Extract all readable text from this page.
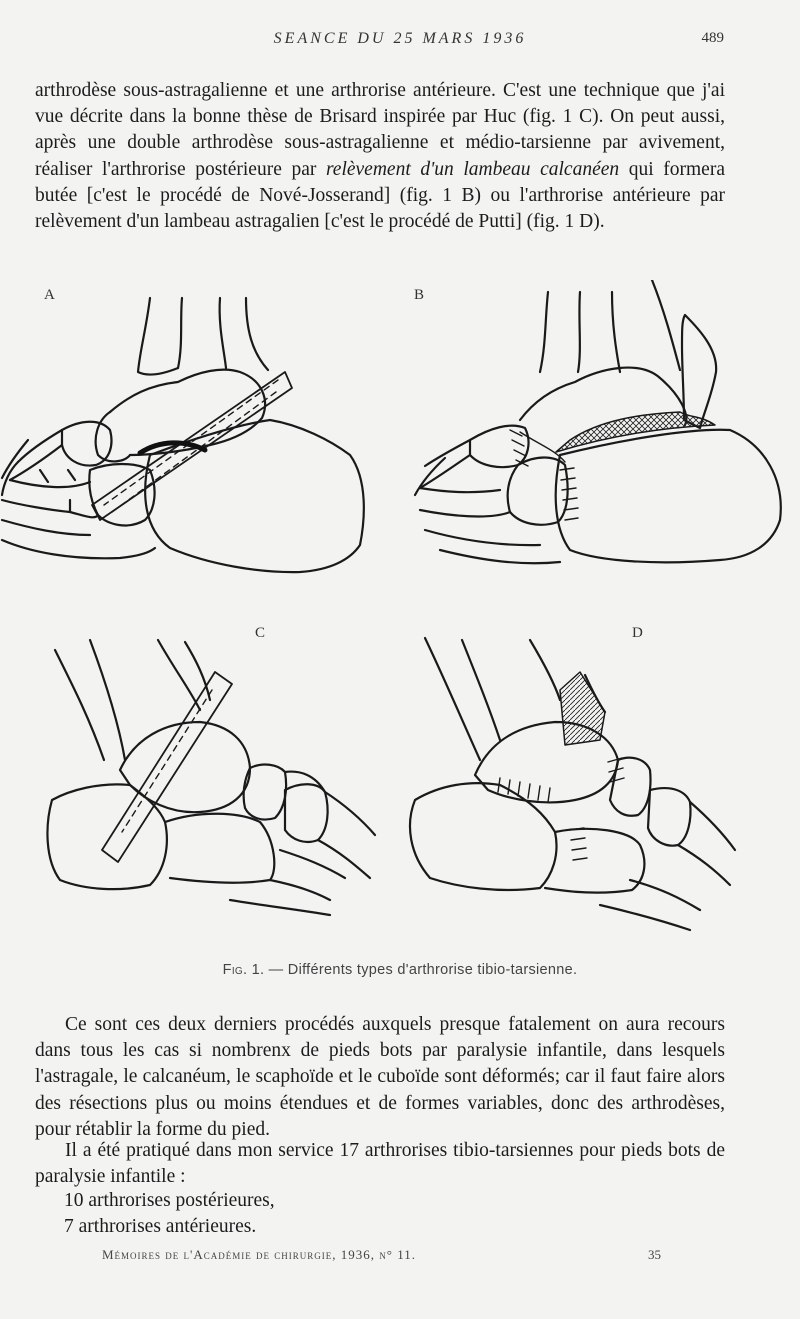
SEANCE DU 25 MARS 1936	489

arthrodèse sous-astragalienne et une arthrorise antérieure. C'est une technique que j'ai vue décrite dans la bonne thèse de Brisard inspirée par Huc (fig. 1 C). On peut aussi, après une double arthrodèse sous-astragalienne et médio-tarsienne par avivement, réaliser l'arthrorise postérieure par relèvement d'un lambeau calcanéen qui formera butée [c'est le procédé de Nové-Josserand] (fig. 1 B) ou l'arthrorise antérieure par relèvement d'un lambeau astragalien [c'est le procédé de Putti] (fig. 1 D).

A	B
C	D
Fig. 1. — Différents types d'arthrorise tibio-tarsienne.

Ce sont ces deux derniers procédés auxquels presque fatalement on aura recours dans tous les cas si nombrenx de pieds bots par paralysie infantile, dans lesquels l'astragale, le calcanéum, le scaphoïde et le cuboïde sont déformés; car il faut faire alors des résections plus ou moins étendues et de formes variables, donc des arthrodèses, pour rétablir la forme du pied.

Il a été pratiqué dans mon service 17 arthrorises tibio-tarsiennes pour pieds bots de paralysie infantile :

10 arthrorises postérieures,
7 arthrorises antérieures.
Mémoires de l'Académie de chirurgie, 1936, n° 11.	35
